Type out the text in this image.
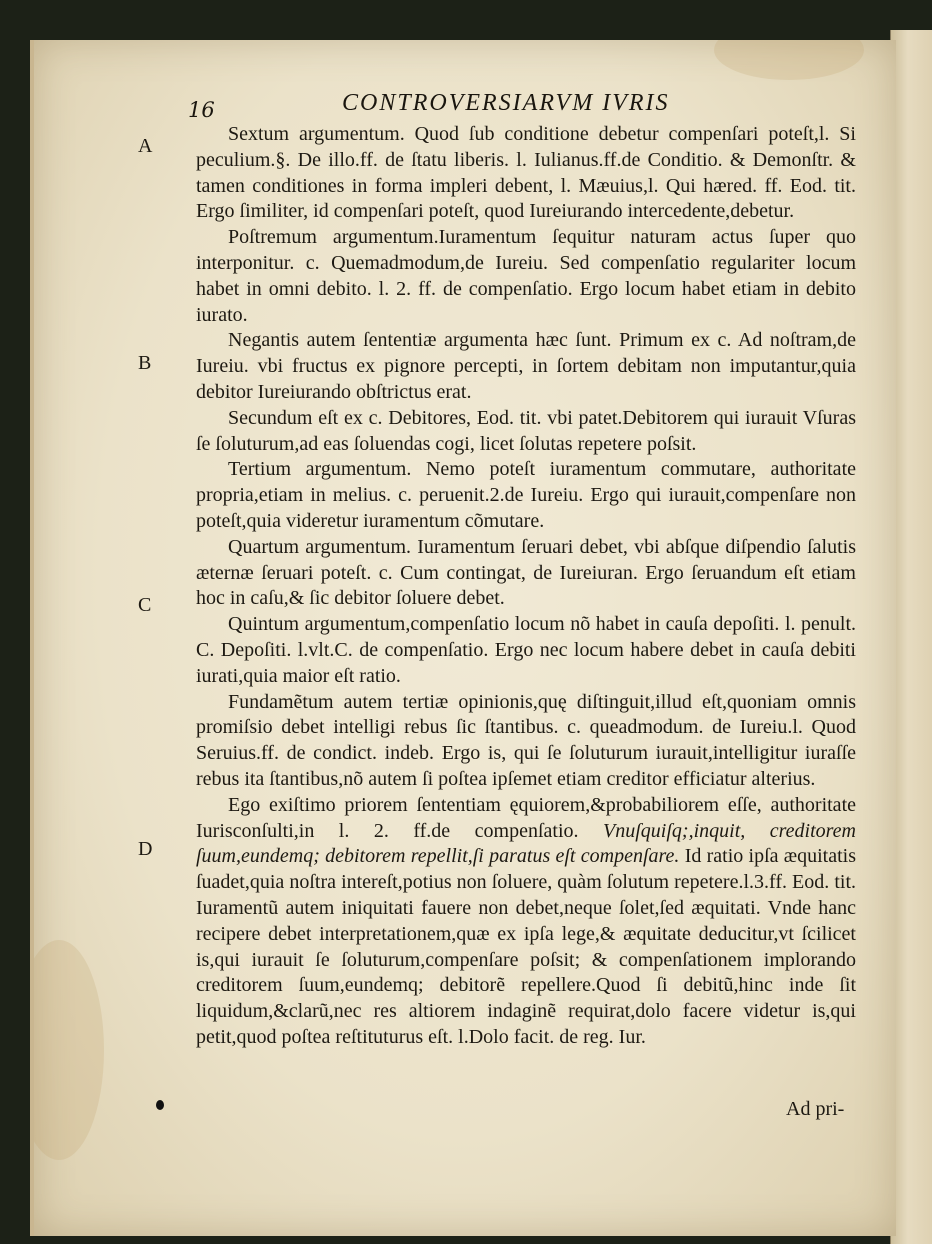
16	CONTROVERSIARVM IVRIS
A
B
C
D

Sextum argumentum. Quod ſub conditione debetur compenſari poteſt,l. Si peculium.§. De illo.ff. de ſtatu liberis. l. Iulianus.ff.de Conditio. & Demonſtr. & tamen conditiones in forma impleri debent, l. Mæuius,l. Qui hæred. ff. Eod. tit. Ergo ſimiliter, id compenſari poteſt, quod Iureiurando intercedente,debetur.

Poſtremum argumentum.Iuramentum ſequitur naturam actus ſuper quo interponitur. c. Quemadmodum,de Iureiu. Sed compenſatio regulariter locum habet in omni debito. l. 2. ff. de compenſatio. Ergo locum habet etiam in debito iurato.

Negantis autem ſententiæ argumenta hæc ſunt. Primum ex c. Ad noſtram,de Iureiu. vbi fructus ex pignore percepti, in ſortem debitam non imputantur,quia debitor Iureiurando obſtrictus erat.

Secundum eſt ex c. Debitores, Eod. tit. vbi patet.Debitorem qui iurauit Vſuras ſe ſoluturum,ad eas ſoluendas cogi, licet ſolutas repetere poſsit.

Tertium argumentum. Nemo poteſt iuramentum commutare, authoritate propria,etiam in melius. c. peruenit.2.de Iureiu. Ergo qui iurauit,compenſare non poteſt,quia videretur iuramentum cõmutare.

Quartum argumentum. Iuramentum ſeruari debet, vbi abſque diſpendio ſalutis æternæ ſeruari poteſt. c. Cum contingat, de Iureiuran. Ergo ſeruandum eſt etiam hoc in caſu,& ſic debitor ſoluere debet.

Quintum argumentum,compenſatio locum nõ habet in cauſa depoſiti. l. penult. C. Depoſiti. l.vlt.C. de compenſatio. Ergo nec locum habere debet in cauſa debiti iurati,quia maior eſt ratio.

Fundamẽtum autem tertiæ opinionis,quę diſtinguit,illud eſt,quoniam omnis promiſsio debet intelligi rebus ſic ſtantibus. c. queadmodum. de Iureiu.l. Quod Seruius.ff. de condict. indeb. Ergo is, qui ſe ſoluturum iurauit,intelligitur iuraſſe rebus ita ſtantibus,nõ autem ſi poſtea ipſemet etiam creditor efficiatur alterius.

Ego exiſtimo priorem ſententiam ęquiorem,&probabiliorem eſſe, authoritate Iurisconſulti,in l. 2. ff.de compenſatio. Vnuſquiſq;,inquit, creditorem ſuum,eundemq; debitorem repellit,ſi paratus eſt compenſare. Id ratio ipſa æquitatis ſuadet,quia noſtra intereſt,potius non ſoluere, quàm ſolutum repetere.l.3.ff. Eod. tit. Iuramentũ autem iniquitati fauere non debet,neque ſolet,ſed æquitati. Vnde hanc recipere debet interpretationem,quæ ex ipſa lege,& æquitate deducitur,vt ſcilicet is,qui iurauit ſe ſoluturum,compenſare poſsit; & compenſationem implorando creditorem ſuum,eundemq; debitorẽ repellere.Quod ſi debitũ,hinc inde ſit liquidum,&clarũ,nec res altiorem indaginẽ requirat,dolo facere videtur is,qui petit,quod poſtea reſtituturus eſt. l.Dolo facit. de reg. Iur.

Ad pri-
